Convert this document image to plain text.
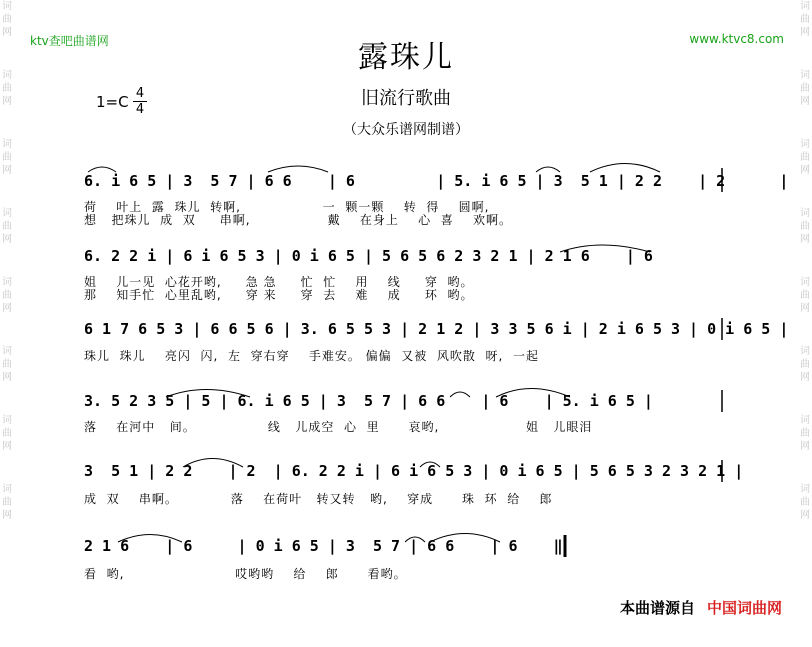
词
曲
网
词
曲
网
词
曲
网
词
曲
网
词
曲
网
词
曲
网
词
曲
网
词
曲
网
词
曲
网
词
曲
网
词
曲
网
词
曲
网
词
曲
网
词
曲
网
词
曲
网
词
曲
网
ktv查吧曲谱网	www.ktvc8.com
露珠儿
旧流行歌曲
（大众乐谱网制谱）
1=C 4
4
6. i 6 5 | 3  5 7 | 6 6    | 6         | 5. i 6 5 | 3  5 1 | 2 2    | 2      |
荷    叶上  露  珠儿  转啊,                 一  颗一颗    转  得    圆啊,
想   把珠儿  成  双     串啊,                戴    在身上    心  喜    欢啊。
6. 2 2 i | 6 i 6 5 3 | 0 i 6 5 | 5 6 5 6 2 3 2 1 | 2 1 6    | 6
姐    儿一见  心花开哟,     急 急     忙  忙    用    线     穿  哟。
那    知手忙  心里乱哟,     穿 来     穿  去    难    成     环  哟。
6 1 7 6 5 3 | 6 6 5 6 | 3. 6 5 5 3 | 2 1 2 | 3 3 5 6 i | 2 i 6 5 3 | 0 i 6 5 |
珠儿  珠儿    亮闪  闪,  左  穿右穿    手难安。 偏偏  又被  风吹散  呀,  一起
3. 5 2 3 5 | 5 | 6. i 6 5 | 3  5 7 | 6 6    | 6    | 5. i 6 5 |
落    在河中   间。               线   儿成空  心  里      哀哟,                  姐   儿眼泪
3  5 1 | 2 2    | 2  | 6. 2 2 i | 6 i 6 5 3 | 0 i 6 5 | 5 6 5 3 2 3 2 1 |
成  双    串啊。           落    在荷叶   转又转   哟,    穿成      珠  环  给    郎
2 1 6    | 6     | 0 i 6 5 | 3  5 7 | 6 6    | 6    ‖
看  哟,                       哎哟哟    给    郎      看哟。
本曲谱源自 中国词曲网
